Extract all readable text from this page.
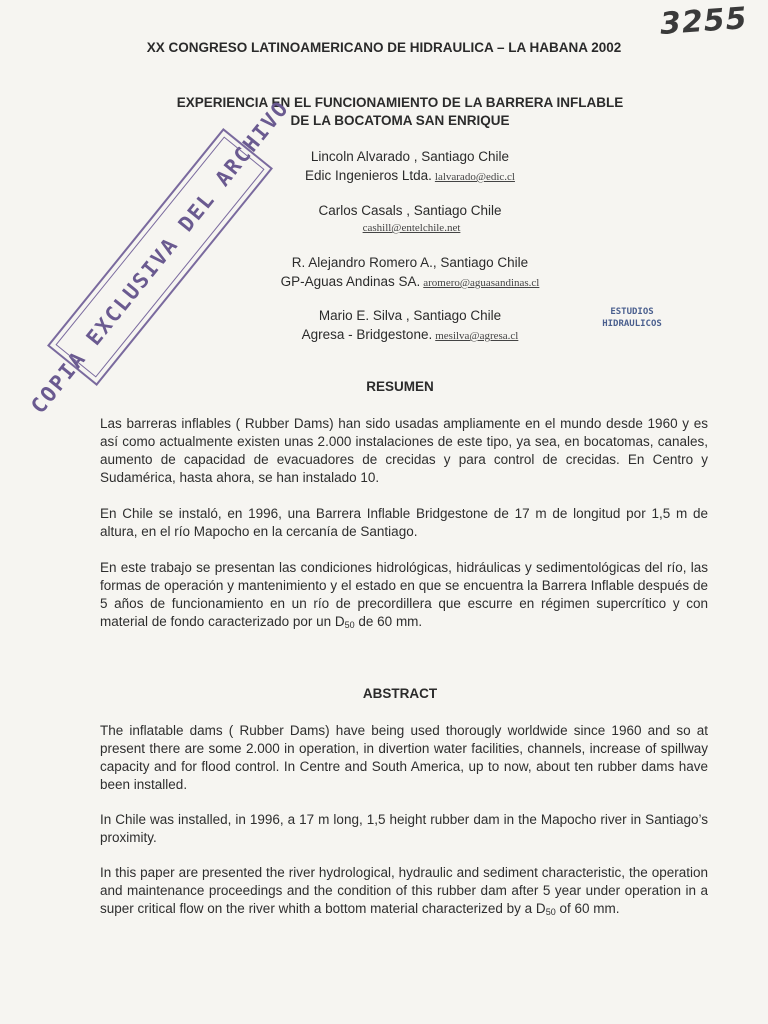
3255
XX CONGRESO LATINOAMERICANO DE HIDRAULICA – LA HABANA 2002
EXPERIENCIA EN EL FUNCIONAMIENTO DE LA BARRERA INFLABLE
DE LA BOCATOMA SAN ENRIQUE
Lincoln Alvarado , Santiago Chile
Edic Ingenieros Ltda. lalvarado@edic.cl
Carlos Casals , Santiago Chile
cashill@entelchile.net
R. Alejandro Romero A., Santiago Chile
GP-Aguas Andinas SA. aromero@aguasandinas.cl
Mario E. Silva , Santiago Chile
Agresa - Bridgestone. mesilva@agresa.cl
ESTUDIOS
HIDRAULICOS
COPIA EXCLUSIVA DEL ARCHIVO	RESUMEN

Las barreras inflables ( Rubber Dams) han sido usadas ampliamente en el mundo desde 1960 y es así como actualmente existen unas 2.000 instalaciones de este tipo, ya sea, en bocatomas, canales, aumento de capacidad de evacuadores de crecidas y para control de crecidas. En Centro y Sudamérica, hasta ahora, se han instalado 10.

En Chile se instaló, en 1996, una Barrera Inflable Bridgestone de 17 m de longitud por 1,5 m de altura, en el río Mapocho en la cercanía de Santiago.

En este trabajo se presentan las condiciones hidrológicas, hidráulicas y sedimentológicas del río, las formas de operación y mantenimiento y el estado en que se encuentra la Barrera Inflable después de 5 años de funcionamiento en un río de precordillera que escurre en régimen supercrítico y con material de fondo caracterizado por un $D_{50}$ de 60 mm.

ABSTRACT

The inflatable dams ( Rubber Dams) have being used thorougly worldwide since 1960 and so at present there are some 2.000 in operation, in divertion water facilities, channels, increase of spillway capacity and for flood control. In Centre and South America, up to now, about ten rubber dams have been installed.

In Chile was installed, in 1996, a 17 m long, 1,5 height rubber dam in the Mapocho river in Santiago’s proximity.

In this paper are presented the river hydrological, hydraulic and sediment characteristic, the operation and maintenance proceedings and the condition of this rubber dam after 5 year under operation in a super critical flow on the river whith a bottom material characterized by a $D_{50}$ of 60 mm.
